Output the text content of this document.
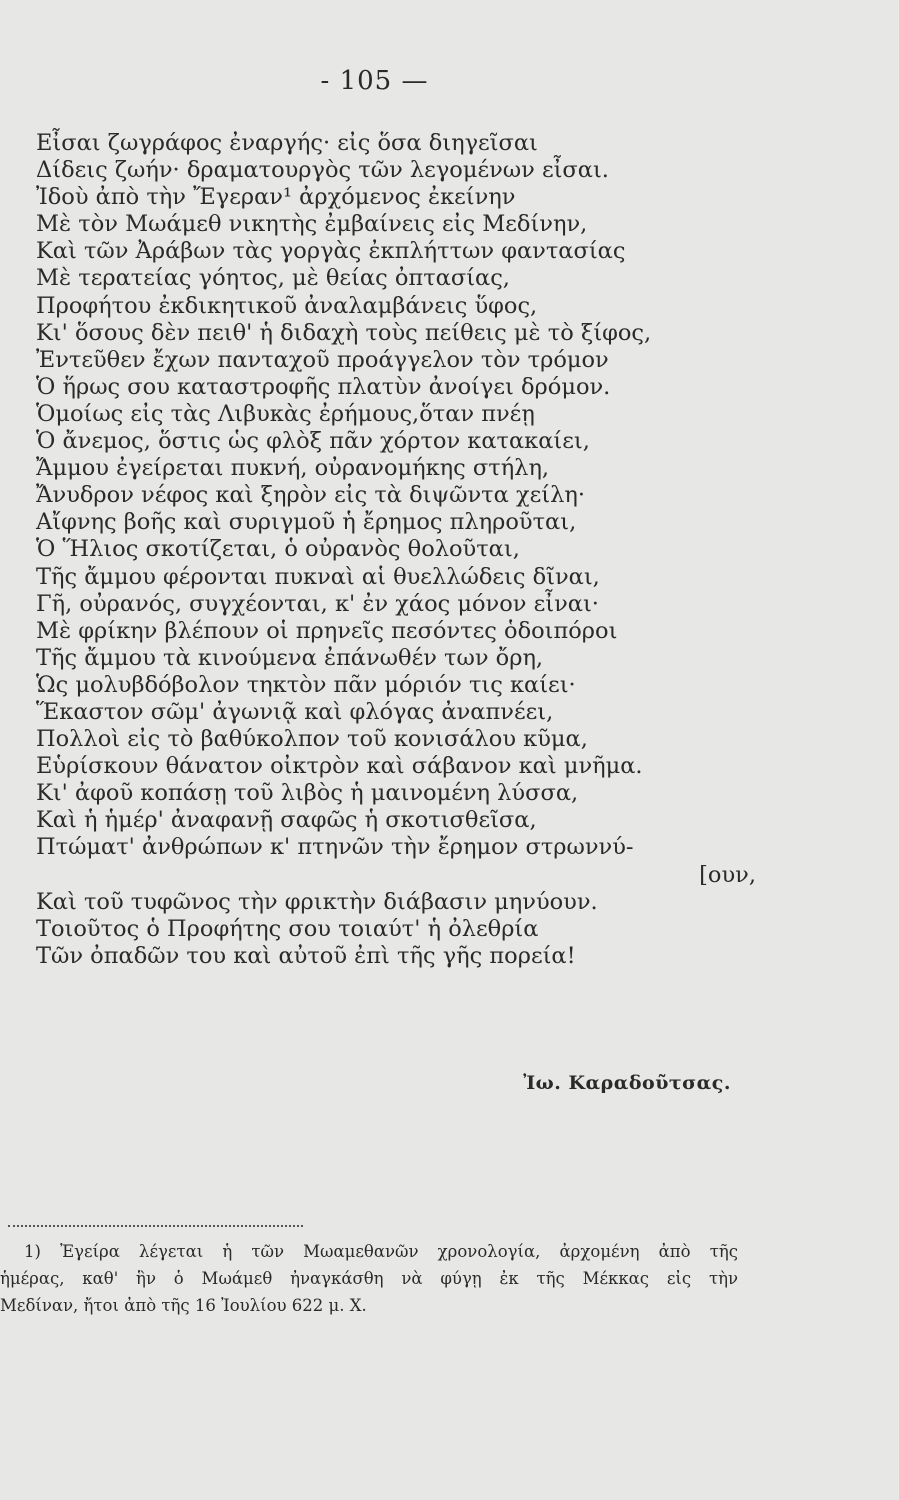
- 105 —
Εἶσαι ζωγράφος ἐναργής· εἰς ὅσα διηγεῖσαι
Δίδεις ζωήν· δραματουργὸς τῶν λεγομένων εἶσαι.
Ἰδοὺ ἀπὸ τὴν Ἔγεραν¹ ἀρχόμενος ἐκείνην
Μὲ τὸν Μωάμεθ νικητὴς ἐμβαίνεις εἰς Μεδίνην,
Καὶ τῶν Ἀράβων τὰς γοργὰς ἐκπλήττων φαντασίας
Μὲ τερατείας γόητος, μὲ θείας ὀπτασίας,
Προφήτου ἐκδικητικοῦ ἀναλαμβάνεις ὕφος,
Κι' ὅσους δὲν πειθ' ἡ διδαχὴ τοὺς πείθεις μὲ τὸ ξίφος,
Ἐντεῦθεν ἔχων πανταχοῦ προάγγελον τὸν τρόμον
Ὁ ἥρως σου καταστροφῆς πλατὺν ἀνοίγει δρόμον.
Ὁμοίως εἰς τὰς Λιβυκὰς ἐρήμους,ὅταν πνέῃ
Ὁ ἄνεμος, ὅστις ὡς φλὸξ πᾶν χόρτον κατακαίει,
Ἄμμου ἐγείρεται πυκνή, οὐρανομήκης στήλη,
Ἄνυδρον νέφος καὶ ξηρὸν εἰς τὰ διψῶντα χείλη·
Αἴφνης βοῆς καὶ συριγμοῦ ἡ ἔρημος πληροῦται,
Ὁ Ἥλιος σκοτίζεται, ὁ οὐρανὸς θολοῦται,
Τῆς ἄμμου φέρονται πυκναὶ αἱ θυελλώδεις δῖναι,
Γῆ, οὐρανός, συγχέονται, κ' ἐν χάος μόνον εἶναι·
Μὲ φρίκην βλέπουν οἱ πρηνεῖς πεσόντες ὁδοιπόροι
Τῆς ἄμμου τὰ κινούμενα ἐπάνωθέν των ὄρη,
Ὡς μολυβδόβολον τηκτὸν πᾶν μόριόν τις καίει·
Ἕκαστον σῶμ' ἀγωνιᾷ καὶ φλόγας ἀναπνέει,
Πολλοὶ εἰς τὸ βαθύκολπον τοῦ κονισάλου κῦμα,
Εὑρίσκουν θάνατον οἰκτρὸν καὶ σάβανον καὶ μνῆμα.
Κι' ἀφοῦ κοπάσῃ τοῦ λιβὸς ἡ μαινομένη λύσσα,
Καὶ ἡ ἡμέρ' ἀναφανῇ σαφῶς ἡ σκοτισθεῖσα,
Πτώματ' ἀνθρώπων κ' πτηνῶν τὴν ἔρημον στρωννύ-
[ουν,
Καὶ τοῦ τυφῶνος τὴν φρικτὴν διάβασιν μηνύουν.
Τοιοῦτος ὁ Προφήτης σου τοιαύτ' ἡ ὀλεθρία
Τῶν ὀπαδῶν του καὶ αὐτοῦ ἐπὶ τῆς γῆς πορεία!
Ἰω. Καραδοῦτσας.
1) Ἐγείρα λέγεται ἡ τῶν Μωαμεθανῶν χρονολογία, ἀρχομένη ἀπὸ τῆς
ἡμέρας, καθ' ἣν ὁ Μωάμεθ ἠναγκάσθη νὰ φύγῃ ἐκ τῆς Μέκκας εἰς τὴν
Μεδίναν, ἤτοι ἀπὸ τῆς 16 Ἰουλίου 622 μ. Χ.
